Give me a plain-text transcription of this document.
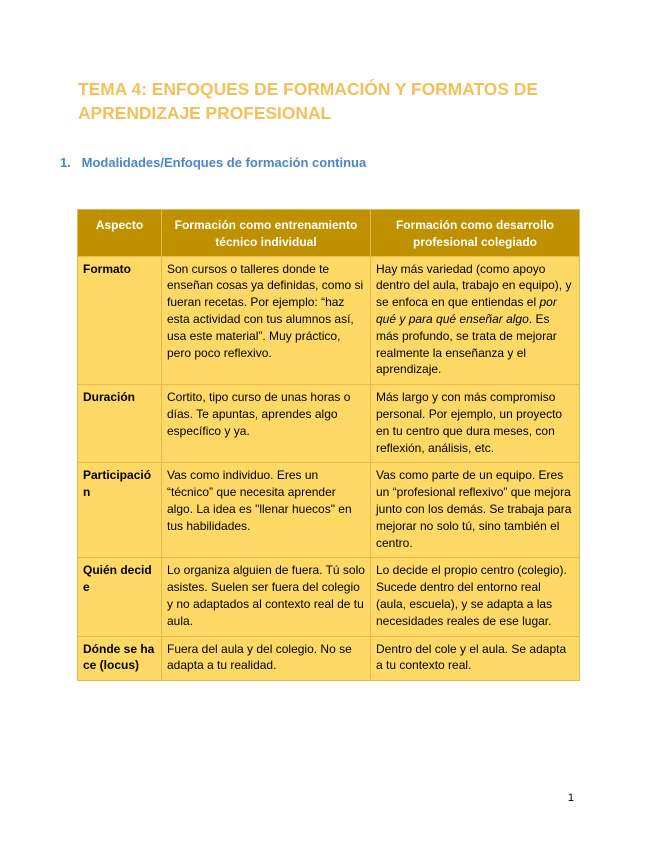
TEMA 4: ENFOQUES DE FORMACIÓN Y FORMATOS DE APRENDIZAJE PROFESIONAL
1. Modalidades/Enfoques de formación continua
Aspecto	Formación como entrenamiento técnico individual	Formación como desarrollo profesional colegiado
Formato	Son cursos o talleres donde te enseñan cosas ya definidas, como si fueran recetas. Por ejemplo: “haz esta actividad con tus alumnos así, usa este material”. Muy práctico, pero poco reflexivo.	Hay más variedad (como apoyo dentro del aula, trabajo en equipo), y se enfoca en que entiendas el por qué y para qué enseñar algo. Es más profundo, se trata de mejorar realmente la enseñanza y el aprendizaje.
Duración	Cortito, tipo curso de unas horas o días. Te apuntas, aprendes algo específico y ya.	Más largo y con más compromiso personal. Por ejemplo, un proyecto en tu centro que dura meses, con reflexión, análisis, etc.
Participación	Vas como individuo. Eres un “técnico” que necesita aprender algo. La idea es "llenar huecos" en tus habilidades.	Vas como parte de un equipo. Eres un “profesional reflexivo” que mejora junto con los demás. Se trabaja para mejorar no solo tú, sino también el centro.
Quién decide	Lo organiza alguien de fuera. Tú solo asistes. Suelen ser fuera del colegio y no adaptados al contexto real de tu aula.	Lo decide el propio centro (colegio). Sucede dentro del entorno real (aula, escuela), y se adapta a las necesidades reales de ese lugar.
Dónde se hace (locus)	Fuera del aula y del colegio. No se adapta a tu realidad.	Dentro del cole y el aula. Se adapta a tu contexto real.
1
